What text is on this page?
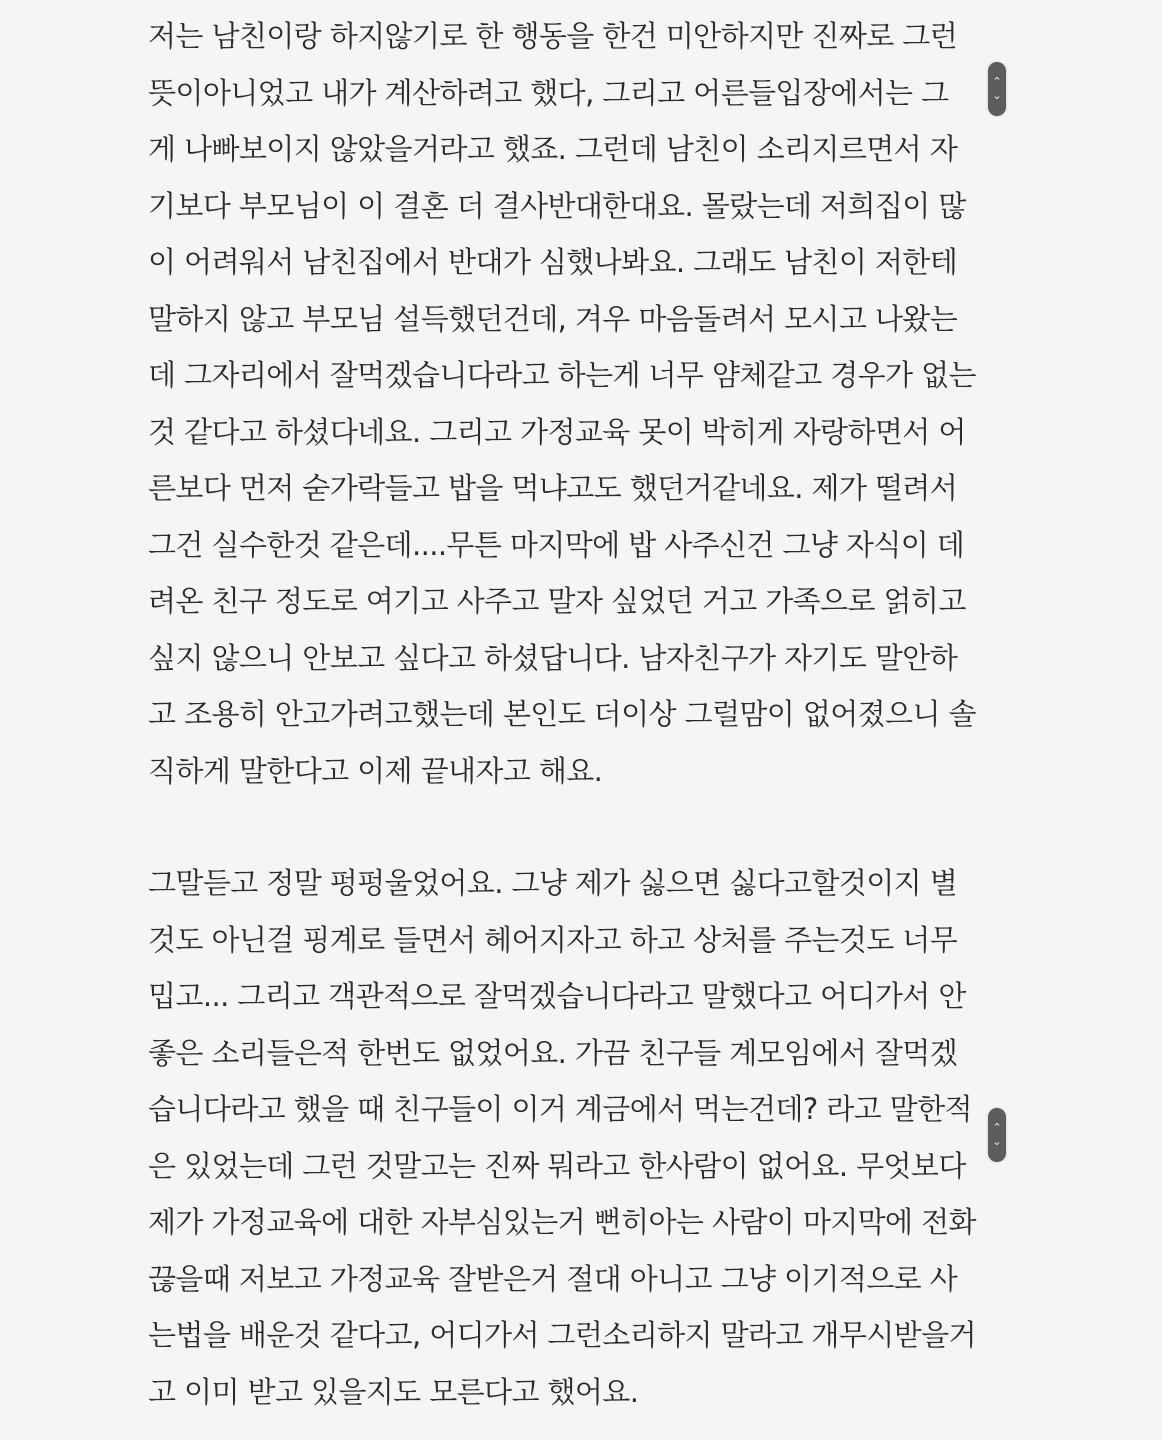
저는 남친이랑 하지않기로 한 행동을 한건 미안하지만 진짜로 그런
뜻이아니었고 내가 계산하려고 했다, 그리고 어른들입장에서는 그
게 나빠보이지 않았을거라고 했죠. 그런데 남친이 소리지르면서 자
기보다 부모님이 이 결혼 더 결사반대한대요. 몰랐는데 저희집이 많
이 어려워서 남친집에서 반대가 심했나봐요. 그래도 남친이 저한테
말하지 않고 부모님 설득했던건데, 겨우 마음돌려서 모시고 나왔는
데 그자리에서 잘먹겠습니다라고 하는게 너무 얌체같고 경우가 없는
것 같다고 하셨다네요. 그리고 가정교육 못이 박히게 자랑하면서 어
른보다 먼저 숟가락들고 밥을 먹냐고도 했던거같네요. 제가 떨려서
그건 실수한것 같은데....무튼 마지막에 밥 사주신건 그냥 자식이 데
려온 친구 정도로 여기고 사주고 말자 싶었던 거고 가족으로 얽히고
싶지 않으니 안보고 싶다고 하셨답니다. 남자친구가 자기도 말안하
고 조용히 안고가려고했는데 본인도 더이상 그럴맘이 없어졌으니 솔
직하게 말한다고 이제 끝내자고 해요.
그말듣고 정말 펑펑울었어요. 그냥 제가 싫으면 싫다고할것이지 별
것도 아닌걸 핑계로 들면서 헤어지자고 하고 상처를 주는것도 너무
밉고... 그리고 객관적으로 잘먹겠습니다라고 말했다고 어디가서 안
좋은 소리들은적 한번도 없었어요. 가끔 친구들 계모임에서 잘먹겠
습니다라고 했을 때 친구들이 이거 계금에서 먹는건데? 라고 말한적
은 있었는데 그런 것말고는 진짜 뭐라고 한사람이 없어요. 무엇보다
제가 가정교육에 대한 자부심있는거 뻔히아는 사람이 마지막에 전화
끊을때 저보고 가정교육 잘받은거 절대 아니고 그냥 이기적으로 사
는법을 배운것 같다고, 어디가서 그런소리하지 말라고 개무시받을거
고 이미 받고 있을지도 모른다고 했어요.
⌃
⌄
⌃
⌄
